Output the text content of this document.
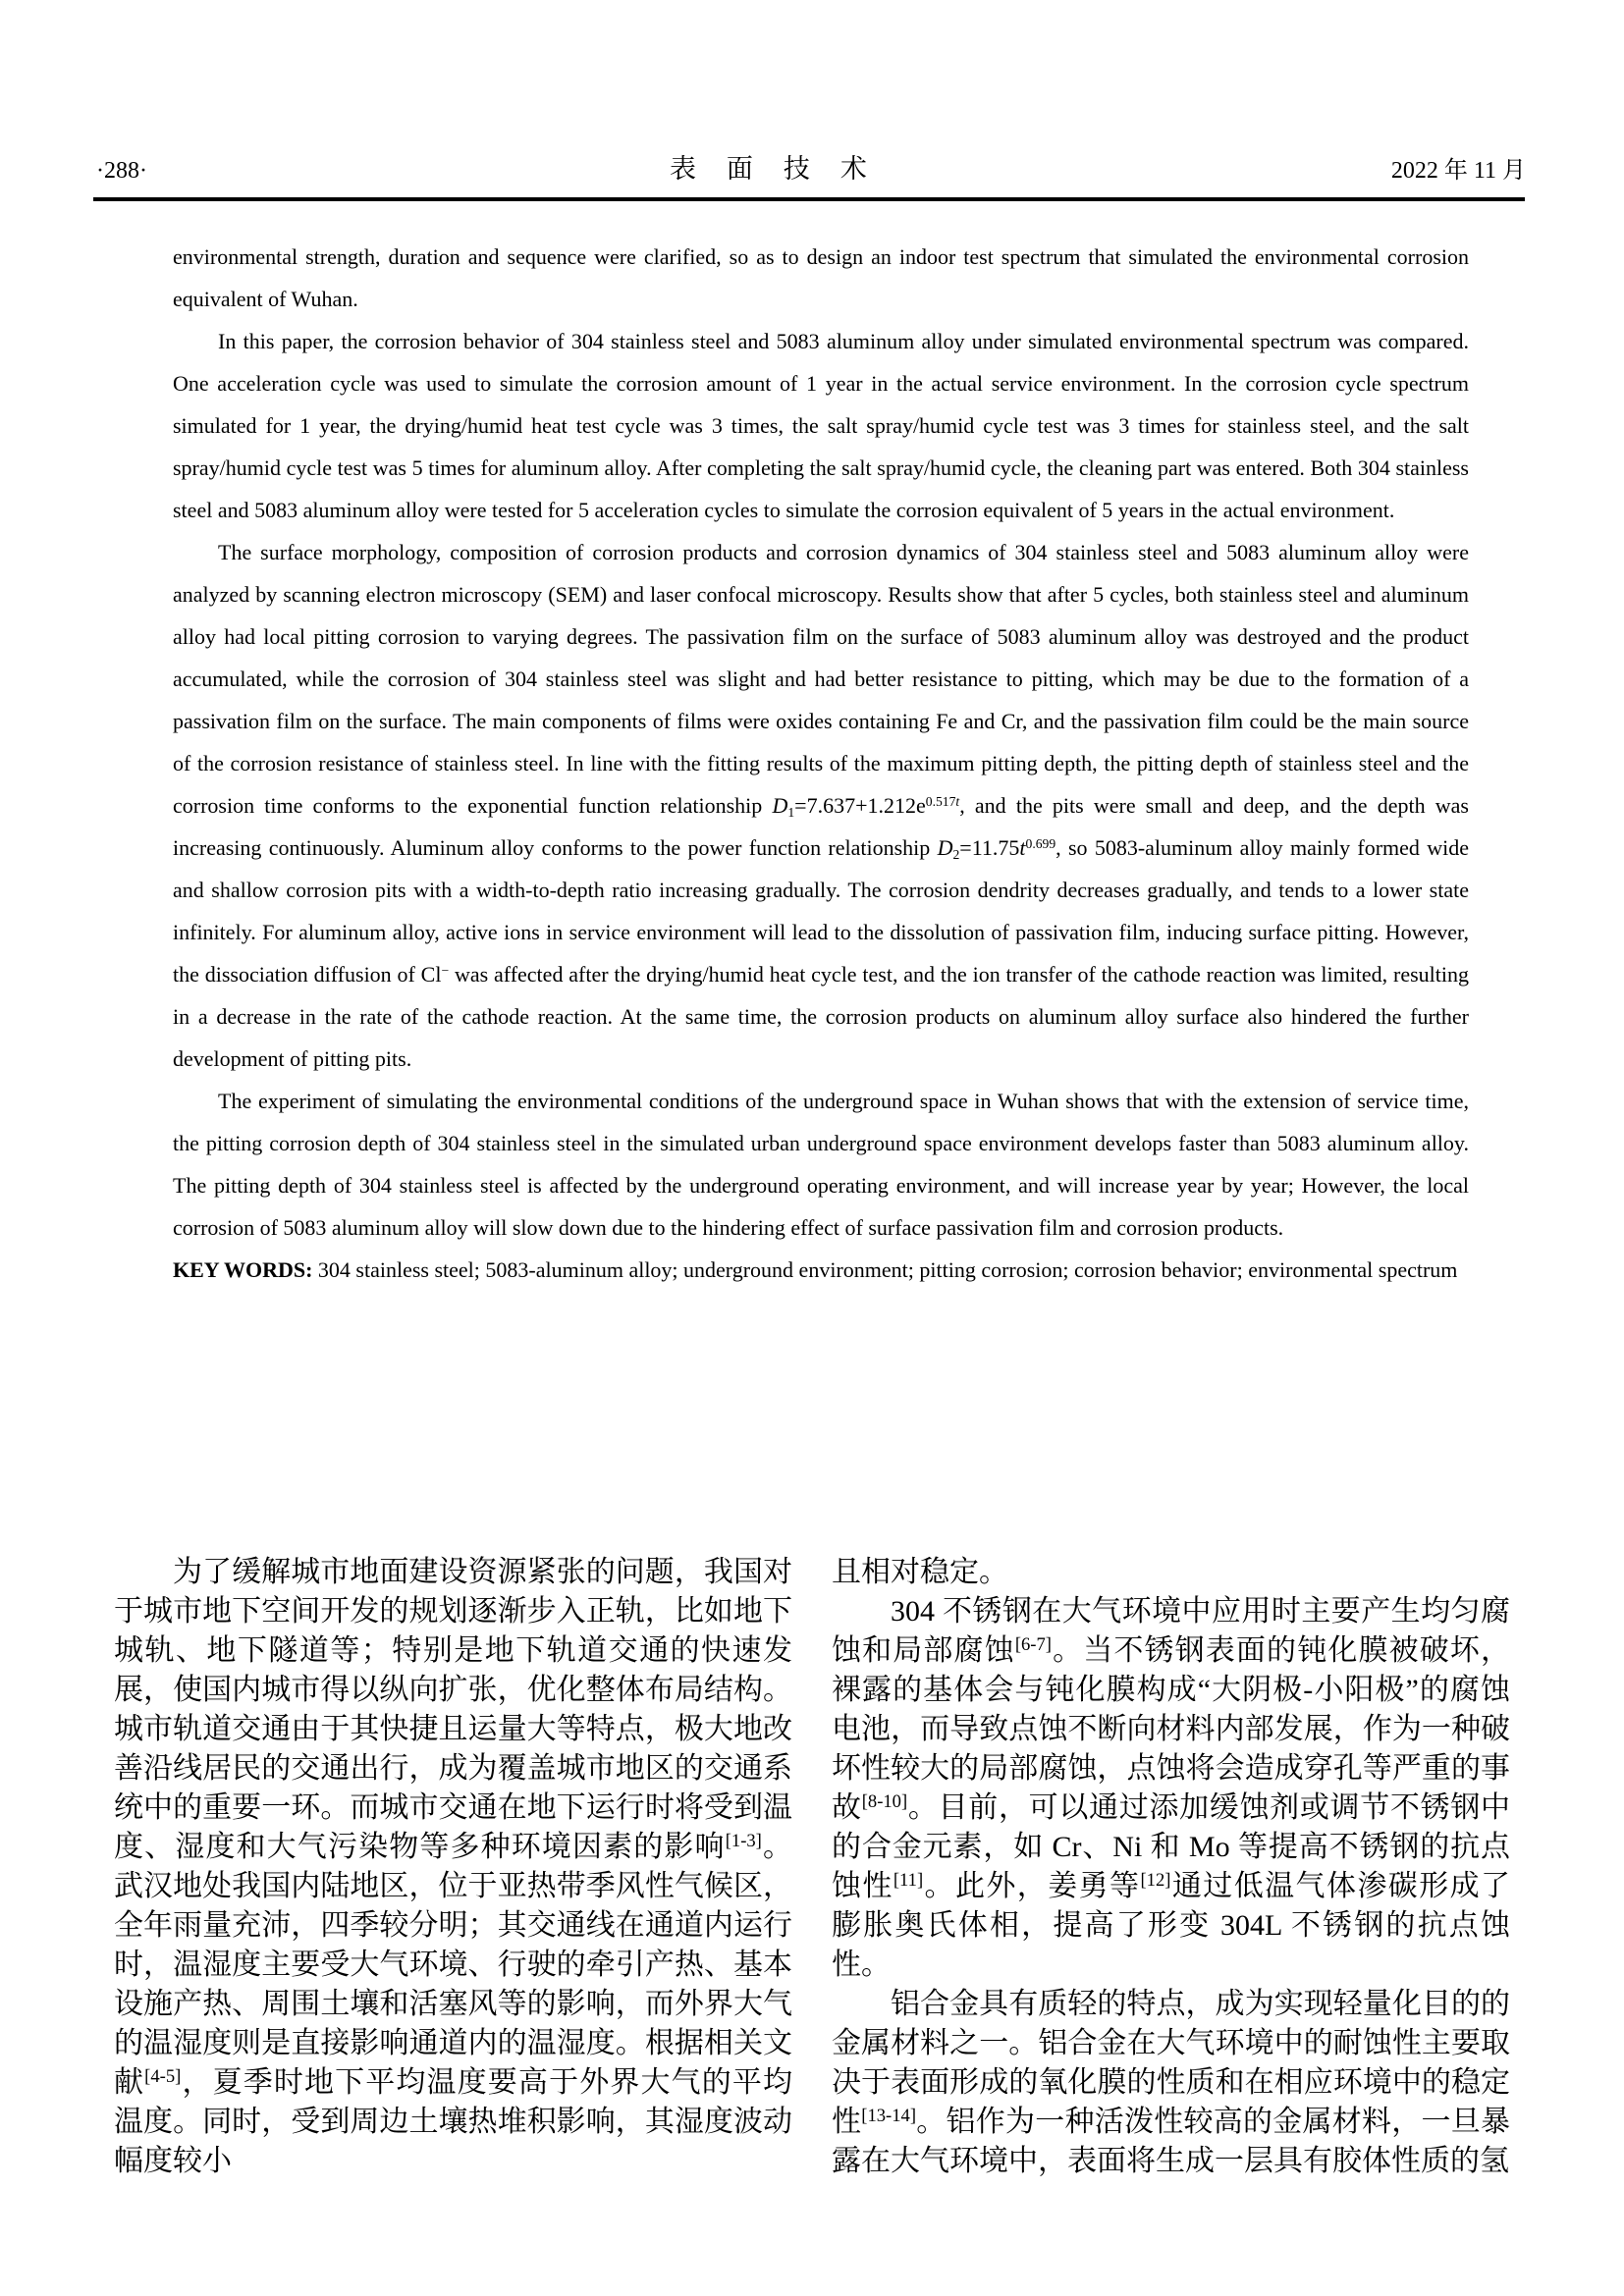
·288·	表　面　技　术	2022 年 11 月

environmental strength, duration and sequence were clarified, so as to design an indoor test spectrum that simulated the environmental corrosion equivalent of Wuhan.

In this paper, the corrosion behavior of 304 stainless steel and 5083 aluminum alloy under simulated environmental spectrum was compared. One acceleration cycle was used to simulate the corrosion amount of 1 year in the actual service environment. In the corrosion cycle spectrum simulated for 1 year, the drying/humid heat test cycle was 3 times, the salt spray/humid cycle test was 3 times for stainless steel, and the salt spray/humid cycle test was 5 times for aluminum alloy. After completing the salt spray/humid cycle, the cleaning part was entered. Both 304 stainless steel and 5083 aluminum alloy were tested for 5 acceleration cycles to simulate the corrosion equivalent of 5 years in the actual environment.

The surface morphology, composition of corrosion products and corrosion dynamics of 304 stainless steel and 5083 aluminum alloy were analyzed by scanning electron microscopy (SEM) and laser confocal microscopy. Results show that after 5 cycles, both stainless steel and aluminum alloy had local pitting corrosion to varying degrees. The passivation film on the surface of 5083 aluminum alloy was destroyed and the product accumulated, while the corrosion of 304 stainless steel was slight and had better resistance to pitting, which may be due to the formation of a passivation film on the surface. The main components of films were oxides containing Fe and Cr, and the passivation film could be the main source of the corrosion resistance of stainless steel. In line with the fitting results of the maximum pitting depth, the pitting depth of stainless steel and the corrosion time conforms to the exponential function relationship $D1=7.637+1.212e^{0.517t}$, and the pits were small and deep, and the depth was increasing continuously. Aluminum alloy conforms to the power function relationship $D2=11.75t^{0.699}$, so 5083-aluminum alloy mainly formed wide and shallow corrosion pits with a width-to-depth ratio increasing gradually. The corrosion dendrity decreases gradually, and tends to a lower state infinitely. For aluminum alloy, active ions in service environment will lead to the dissolution of passivation film, inducing surface pitting. However, the dissociation diffusion of Cl− was affected after the drying/humid heat cycle test, and the ion transfer of the cathode reaction was limited, resulting in a decrease in the rate of the cathode reaction. At the same time, the corrosion products on aluminum alloy surface also hindered the further development of pitting pits.

The experiment of simulating the environmental conditions of the underground space in Wuhan shows that with the extension of service time, the pitting corrosion depth of 304 stainless steel in the simulated urban underground space environment develops faster than 5083 aluminum alloy. The pitting depth of 304 stainless steel is affected by the underground operating environment, and will increase year by year; However, the local corrosion of 5083 aluminum alloy will slow down due to the hindering effect of surface passivation film and corrosion products.

KEY WORDS: 304 stainless steel; 5083-aluminum alloy; underground environment; pitting corrosion; corrosion behavior; environmental spectrum

为了缓解城市地面建设资源紧张的问题，我国对于城市地下空间开发的规划逐渐步入正轨，比如地下城轨、地下隧道等；特别是地下轨道交通的快速发展，使国内城市得以纵向扩张，优化整体布局结构。城市轨道交通由于其快捷且运量大等特点，极大地改善沿线居民的交通出行，成为覆盖城市地区的交通系统中的重要一环。而城市交通在地下运行时将受到温度、湿度和大气污染物等多种环境因素的影响[1-3]。武汉地处我国内陆地区，位于亚热带季风性气候区，全年雨量充沛，四季较分明；其交通线在通道内运行时，温湿度主要受大气环境、行驶的牵引产热、基本设施产热、周围土壤和活塞风等的影响，而外界大气的温湿度则是直接影响通道内的温湿度。根据相关文献[4-5]，夏季时地下平均温度要高于外界大气的平均温度。同时，受到周边土壤热堆积影响，其湿度波动幅度较小

且相对稳定。

304 不锈钢在大气环境中应用时主要产生均匀腐蚀和局部腐蚀[6-7]。当不锈钢表面的钝化膜被破坏，裸露的基体会与钝化膜构成“大阴极-小阳极”的腐蚀电池，而导致点蚀不断向材料内部发展，作为一种破坏性较大的局部腐蚀，点蚀将会造成穿孔等严重的事故[8-10]。目前，可以通过添加缓蚀剂或调节不锈钢中的合金元素，如 Cr、Ni 和 Mo 等提高不锈钢的抗点蚀性[11]。此外，姜勇等[12]通过低温气体渗碳形成了膨胀奥氏体相，提高了形变 304L 不锈钢的抗点蚀性。

铝合金具有质轻的特点，成为实现轻量化目的的金属材料之一。铝合金在大气环境中的耐蚀性主要取决于表面形成的氧化膜的性质和在相应环境中的稳定性[13-14]。铝作为一种活泼性较高的金属材料，一旦暴露在大气环境中，表面将生成一层具有胶体性质的氢
